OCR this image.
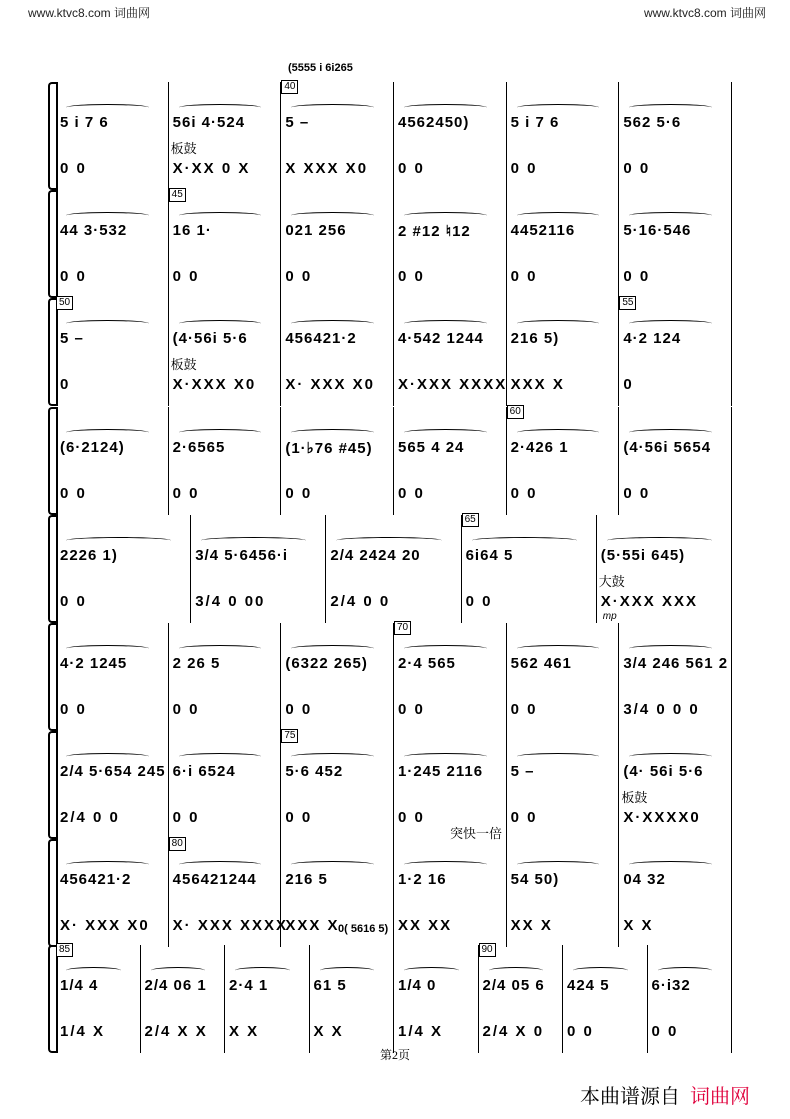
www.ktvc8.com 词曲网	www.ktvc8.com 词曲网
(5555 i 6i265
5 i 7 6
0 0
56i 4·524
X·XX 0 X
板鼓
40
5 –
X XXX X0
4562450)
0 0
5 i 7 6
0 0
562 5·6
0 0
44 3·532
0 0
45
16 1·
0 0
021 256
0 0
2 #12 ♮12
0 0
4452116
0 0
5·16·546
0 0
50
5 –
0
(4·56i 5·6
X·XXX X0
板鼓
456421·2
X· XXX X0
4·542 1244
X·XXX XXXX
216 5)
XXX X
55
4·2 124
0
(6·2124)
0 0
2·6565
0 0
(1·♭76 #45)
0 0
565 4 24
0 0
60
2·426 1
0 0
(4·56i 5654
0 0
2226 1)
0 0
3/4 5·6456·i
3/4 0 00
2/4 2424 20
2/4 0 0
65
6i64 5
0 0
(5·55i 645)
X·XXX XXX
大鼓
mp
4·2 1245
0 0
2 26 5
0 0
(6322 265)
0 0
70
2·4 565
0 0
562 461
0 0
3/4 246 561 2
3/4 0 0 0
2/4 5·654 245
2/4 0 0
6·i 6524
0 0
75
5·6 452
0 0
1·245 2116
0 0
5 –
0 0
(4· 56i 5·6
X·XXXX0
板鼓
突快一倍
456421·2
X· XXX X0
80
456421244
X· XXX XXXX
216 5
XXX X
1·2 16
XX XX
54 50)
XX X
04 32
X X
0( 5616 5)
85
1/4 4
1/4 X
2/4 06 1
2/4 X X
2·4 1
X X
61 5
X X
1/4 0
1/4 X
90
2/4 05 6
2/4 X 0
424 5
0 0
6·i32
0 0
第2页
本曲谱源自 词曲网
